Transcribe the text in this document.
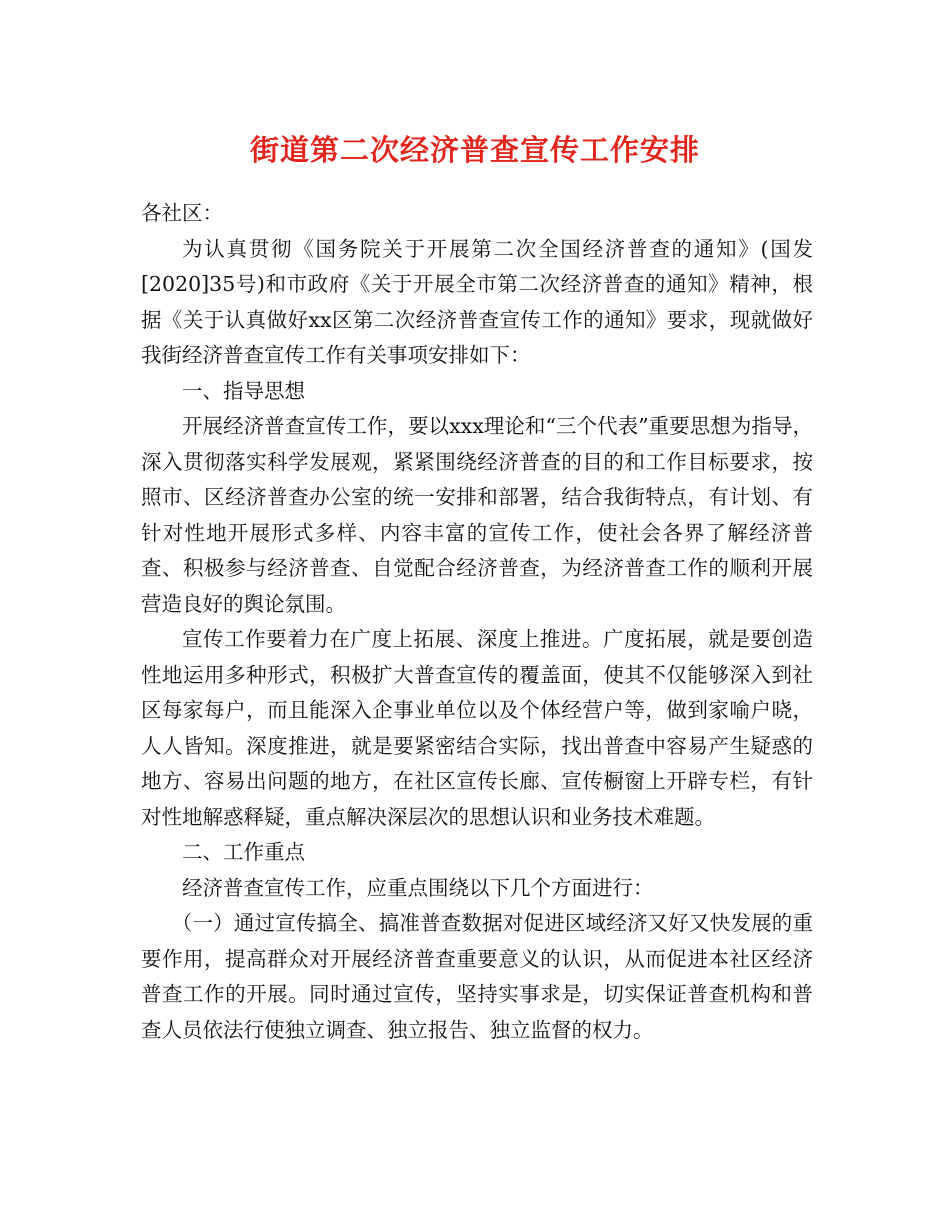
街道第二次经济普查宣传工作安排

各社区：

为认真贯彻《国务院关于开展第二次全国经济普查的通知》(国发[2020]35号)和市政府《关于开展全市第二次经济普查的通知》精神，根据《关于认真做好xx区第二次经济普查宣传工作的通知》要求，现就做好我街经济普查宣传工作有关事项安排如下：

一、指导思想

开展经济普查宣传工作，要以xxx理论和“三个代表”重要思想为指导，深入贯彻落实科学发展观，紧紧围绕经济普查的目的和工作目标要求，按照市、区经济普查办公室的统一安排和部署，结合我街特点，有计划、有针对性地开展形式多样、内容丰富的宣传工作，使社会各界了解经济普查、积极参与经济普查、自觉配合经济普查，为经济普查工作的顺利开展营造良好的舆论氛围。

宣传工作要着力在广度上拓展、深度上推进。广度拓展，就是要创造性地运用多种形式，积极扩大普查宣传的覆盖面，使其不仅能够深入到社区每家每户，而且能深入企事业单位以及个体经营户等，做到家喻户晓，人人皆知。深度推进，就是要紧密结合实际，找出普查中容易产生疑惑的地方、容易出问题的地方，在社区宣传长廊、宣传橱窗上开辟专栏，有针对性地解惑释疑，重点解决深层次的思想认识和业务技术难题。

二、工作重点

经济普查宣传工作，应重点围绕以下几个方面进行：

（一）通过宣传搞全、搞准普查数据对促进区域经济又好又快发展的重要作用，提高群众对开展经济普查重要意义的认识，从而促进本社区经济普查工作的开展。同时通过宣传，坚持实事求是，切实保证普查机构和普查人员依法行使独立调查、独立报告、独立监督的权力。
